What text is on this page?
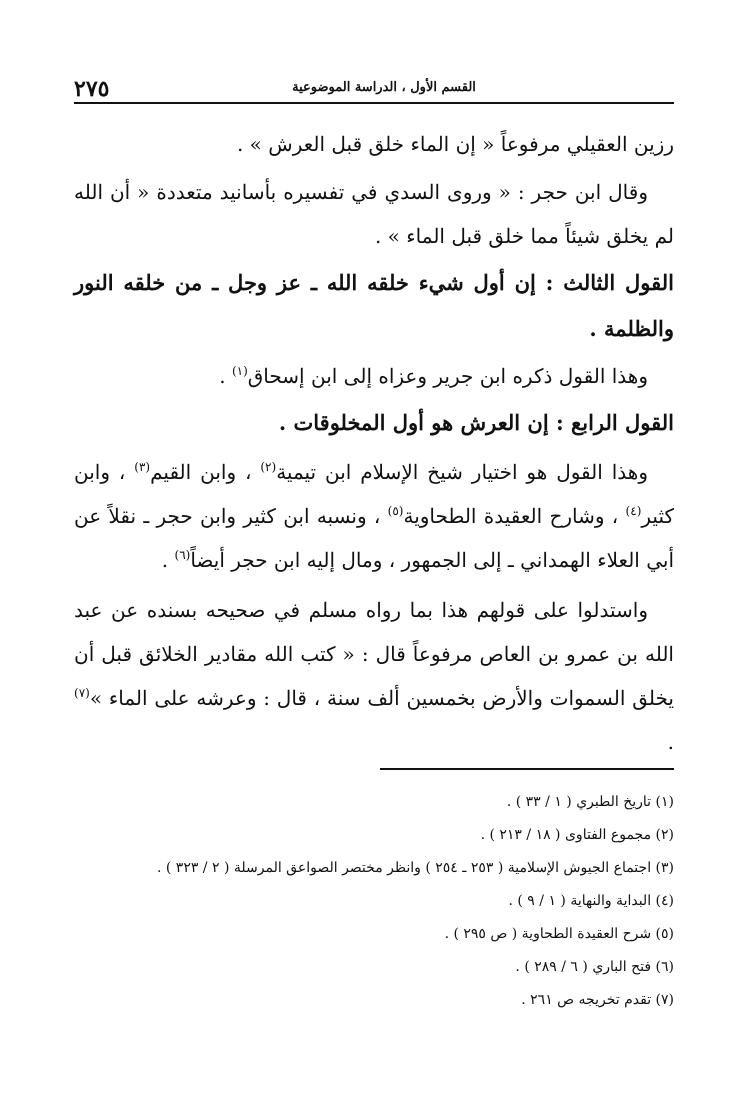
٢٧٥	القسم الأول ، الدراسة الموضوعية

رزين العقيلي مرفوعاً « إن الماء خلق قبل العرش » .

وقال ابن حجر : « وروى السدي في تفسيره بأسانيد متعددة « أن الله لم يخلق شيئاً مما خلق قبل الماء » .

القول الثالث : إن أول شيء خلقه الله ـ عز وجل ـ من خلقه النور والظلمة .

وهذا القول ذكره ابن جرير وعزاه إلى ابن إسحاق$^{(١)}$ .

القول الرابع : إن العرش هو أول المخلوقات .

وهذا القول هو اختيار شيخ الإسلام ابن تيمية$^{(٢)}$ ، وابن القيم$^{(٣)}$ ، وابن كثير$^{(٤)}$ ، وشارح العقيدة الطحاوية$^{(٥)}$ ، ونسبه ابن كثير وابن حجر ـ نقلاً عن أبي العلاء الهمداني ـ إلى الجمهور ، ومال إليه ابن حجر أيضاً$^{(٦)}$ .

واستدلوا على قولهم هذا بما رواه مسلم في صحيحه بسنده عن عبد الله بن عمرو بن العاص مرفوعاً قال : « كتب الله مقادير الخلائق قبل أن يخلق السموات والأرض بخمسين ألف سنة ، قال : وعرشه على الماء »$^{(٧)}$ .

(١) تاريخ الطبري ( ١ / ٣٣ ) .

(٢) مجموع الفتاوى ( ١٨ / ٢١٣ ) .

(٣) اجتماع الجيوش الإسلامية ( ٢٥٣ ـ ٢٥٤ ) وانظر مختصر الصواعق المرسلة ( ٢ / ٣٢٣ ) .

(٤) البداية والنهاية ( ١ / ٩ ) .

(٥) شرح العقيدة الطحاوية ( ص ٢٩٥ ) .

(٦) فتح الباري ( ٦ / ٢٨٩ ) .

(٧) تقدم تخريجه ص ٢٦١ .
